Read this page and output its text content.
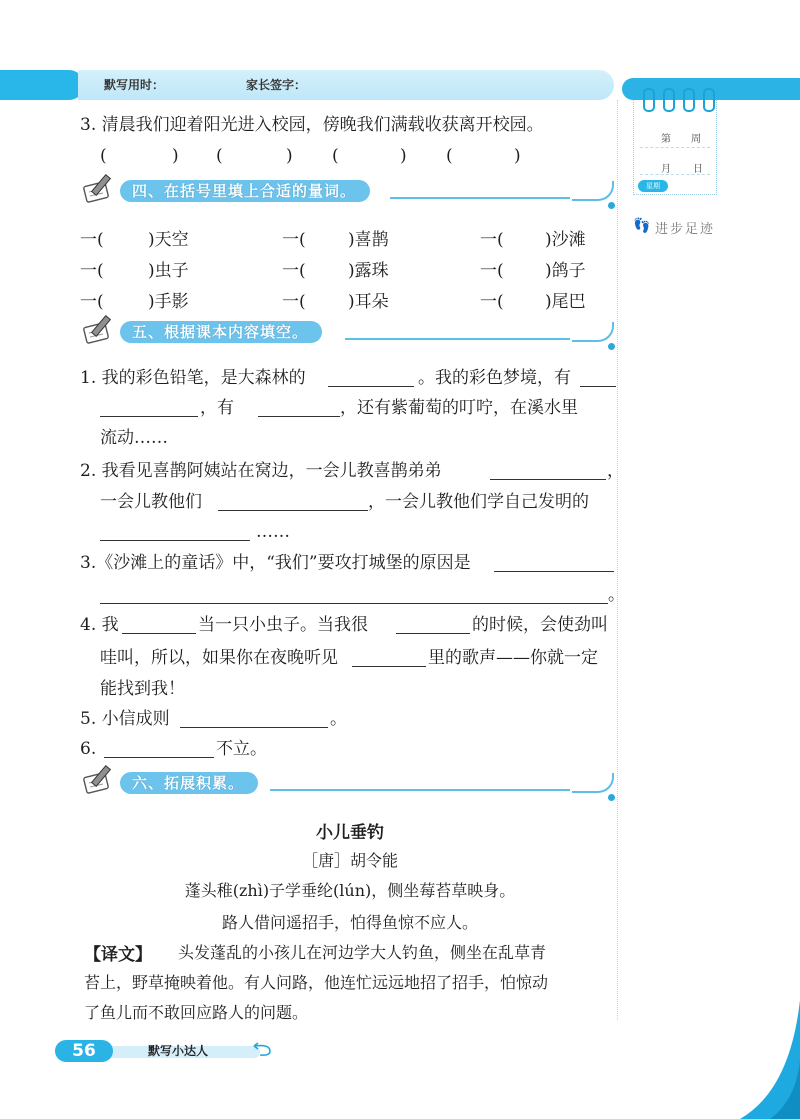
默写用时：	家长签字：
第 周
月 日
星期
👣 进步足迹
3. 清晨我们迎着阳光进入校园，傍晚我们满载收获离开校园。
(	) (	) (	) (	)
四、在括号里填上合适的量词。
一(	)天空	一( )喜鹊	一( )沙滩
一(	)虫子	一( )露珠	一( )鸽子
一(	)手影	一( )耳朵	一( )尾巴
五、根据课本内容填空。
1. 我的彩色铅笔，是大森林的	。我的彩色梦境，有
，有	，还有紫葡萄的叮咛，在溪水里
流动……
2. 我看见喜鹊阿姨站在窝边，一会儿教喜鹊弟弟	，
一会儿教他们	，一会儿教他们学自己发明的
……
3.《沙滩上的童话》中，“我们”要攻打城堡的原因是
。
4. 我	当一只小虫子。当我很	的时候，会使劲叫
哇叫，所以，如果你在夜晚听见	里的歌声——你就一定
能找到我！
5. 小信成则	。
6.	不立。
六、拓展积累。
小儿垂钓
［唐］胡令能
蓬头稚(zhì)子学垂纶(lún)，侧坐莓苔草映身。
路人借问遥招手，怕得鱼惊不应人。
【译文】 头发蓬乱的小孩儿在河边学大人钓鱼，侧坐在乱草青
苔上，野草掩映着他。有人问路，他连忙远远地招了招手，怕惊动
了鱼儿而不敢回应路人的问题。
56	默写小达人
